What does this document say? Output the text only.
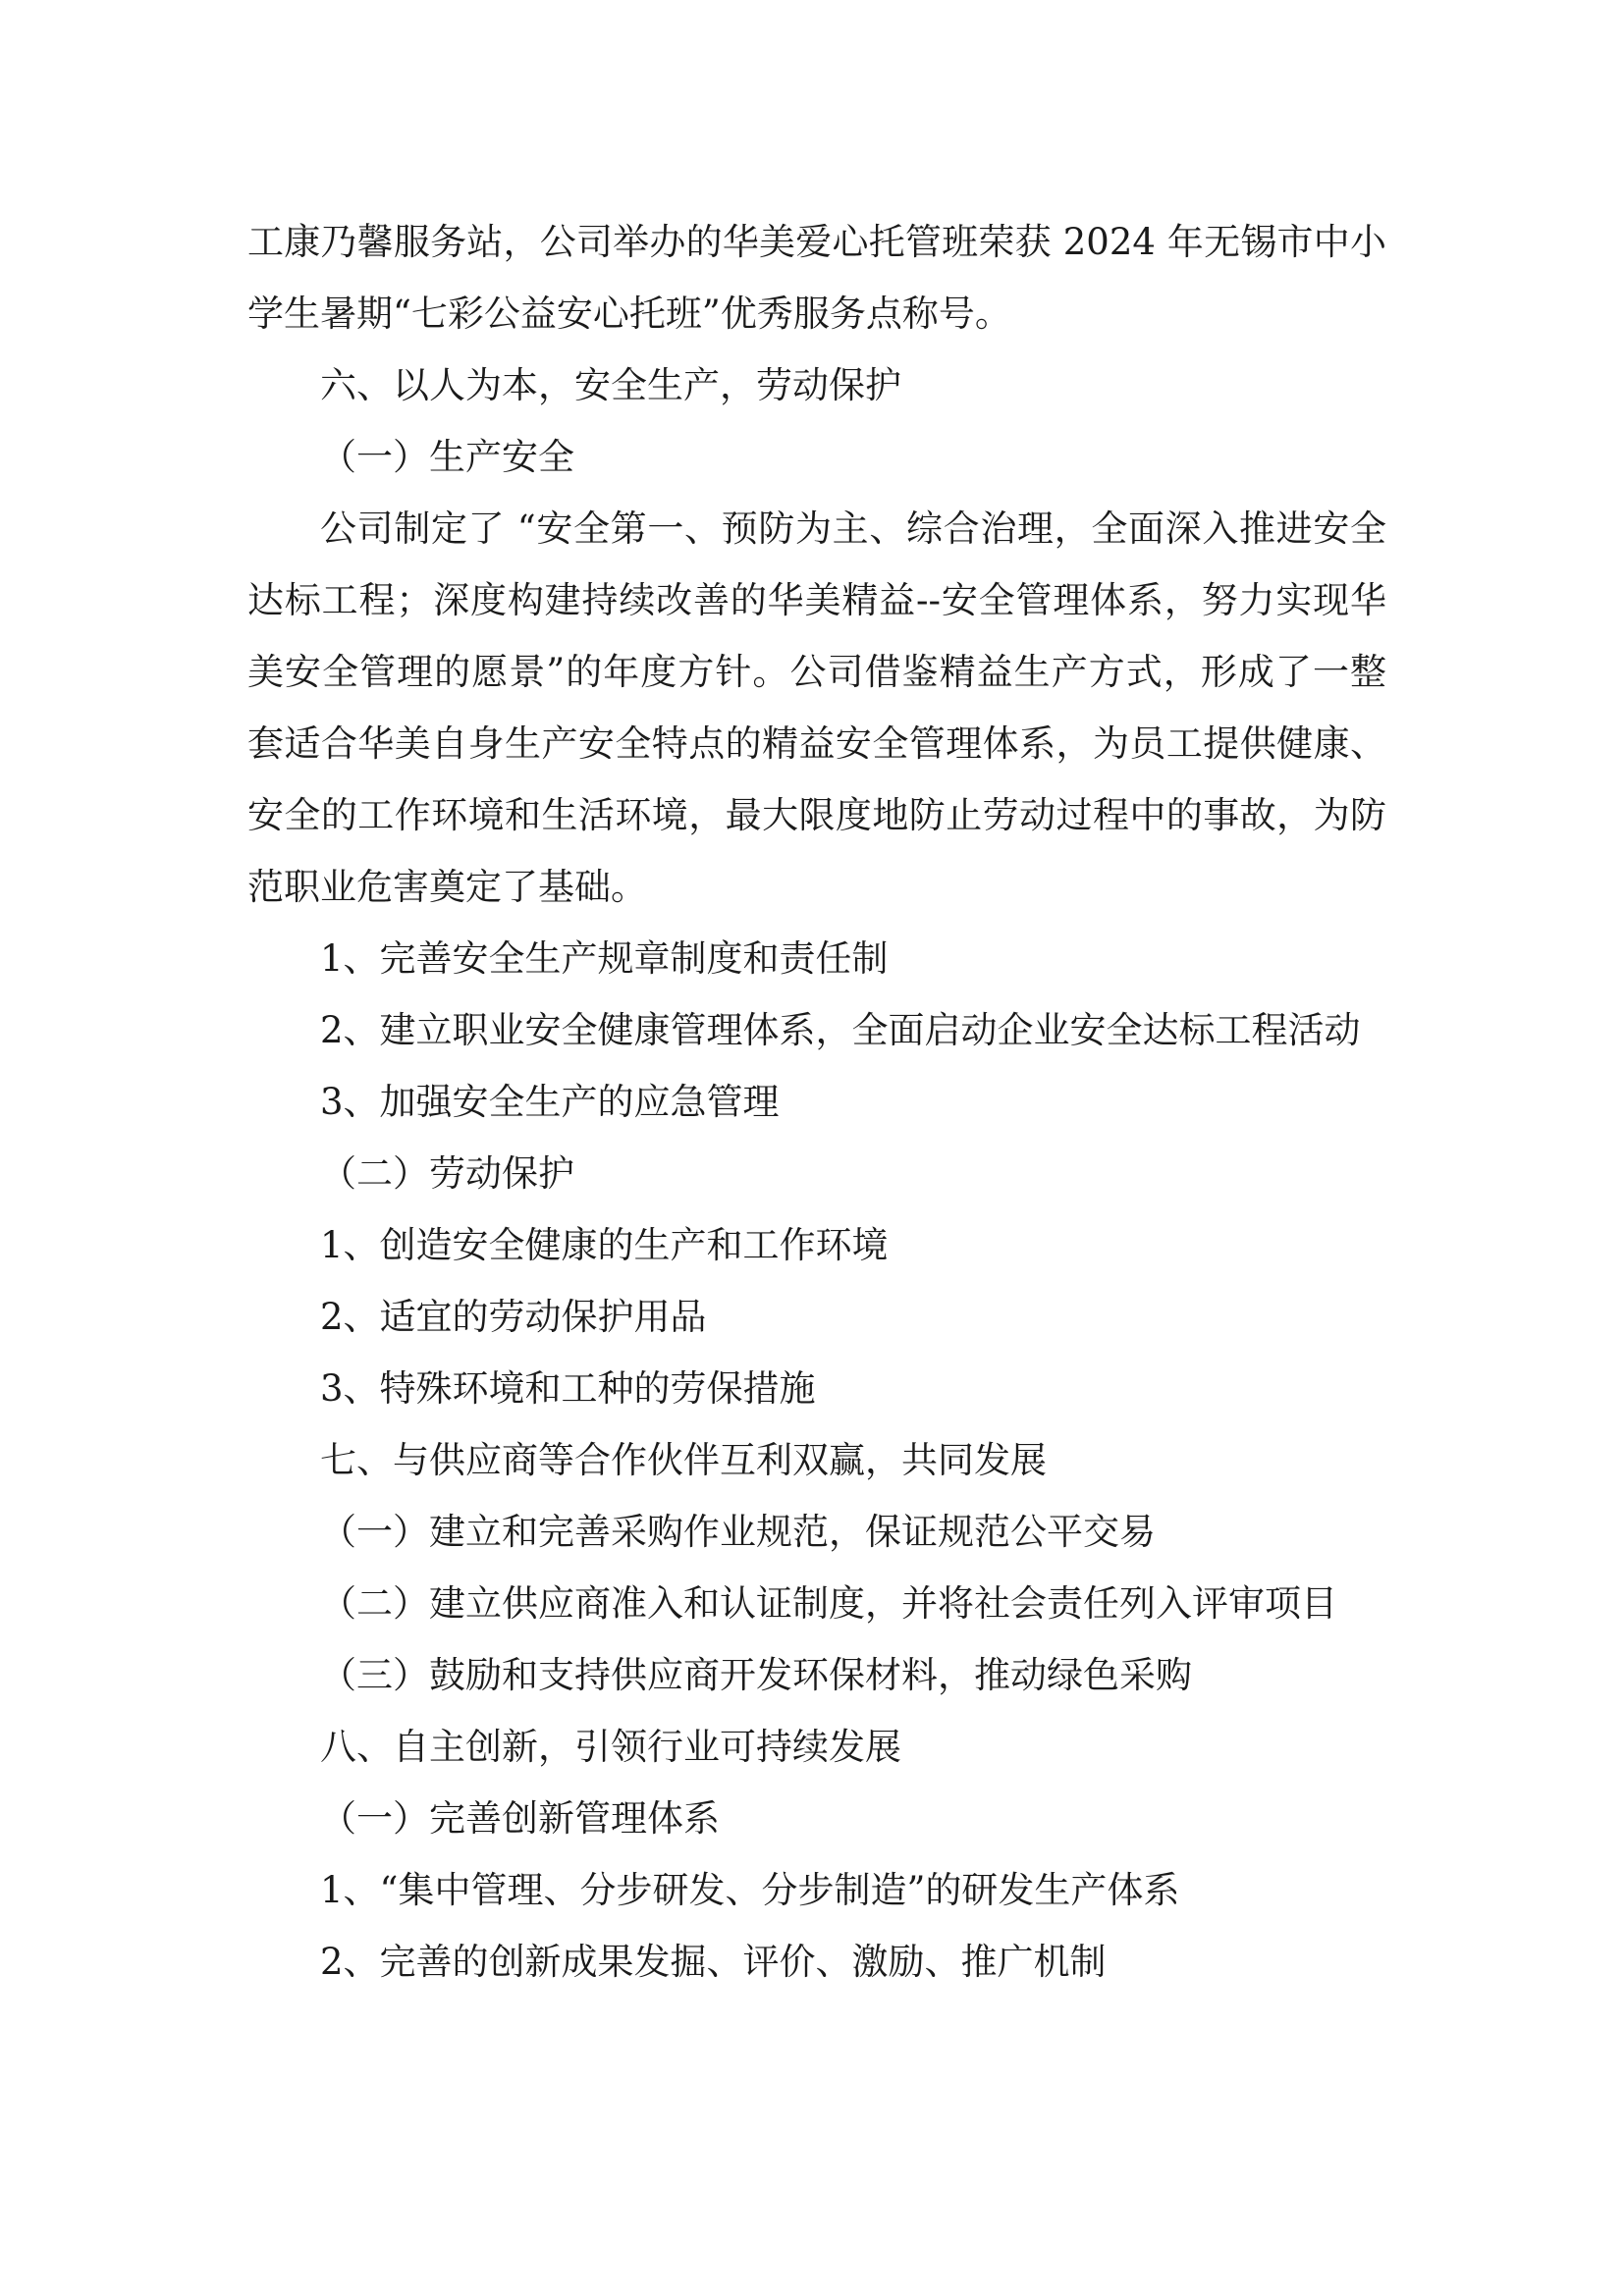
工康乃馨服务站，公司举办的华美爱心托管班荣获 2024 年无锡市中小学生暑期“七彩公益安心托班”优秀服务点称号。

六、以人为本，安全生产，劳动保护

（一）生产安全

公司制定了 “安全第一、预防为主、综合治理，全面深入推进安全达标工程；深度构建持续改善的华美精益--安全管理体系，努力实现华美安全管理的愿景”的年度方针。公司借鉴精益生产方式，形成了一整套适合华美自身生产安全特点的精益安全管理体系，为员工提供健康、安全的工作环境和生活环境，最大限度地防止劳动过程中的事故，为防范职业危害奠定了基础。

1、完善安全生产规章制度和责任制

2、建立职业安全健康管理体系，全面启动企业安全达标工程活动

3、加强安全生产的应急管理

（二）劳动保护

1、创造安全健康的生产和工作环境

2、适宜的劳动保护用品

3、特殊环境和工种的劳保措施

七、与供应商等合作伙伴互利双赢，共同发展

（一）建立和完善采购作业规范，保证规范公平交易

（二）建立供应商准入和认证制度，并将社会责任列入评审项目

（三）鼓励和支持供应商开发环保材料，推动绿色采购

八、自主创新，引领行业可持续发展

（一）完善创新管理体系

1、“集中管理、分步研发、分步制造”的研发生产体系

2、完善的创新成果发掘、评价、激励、推广机制
